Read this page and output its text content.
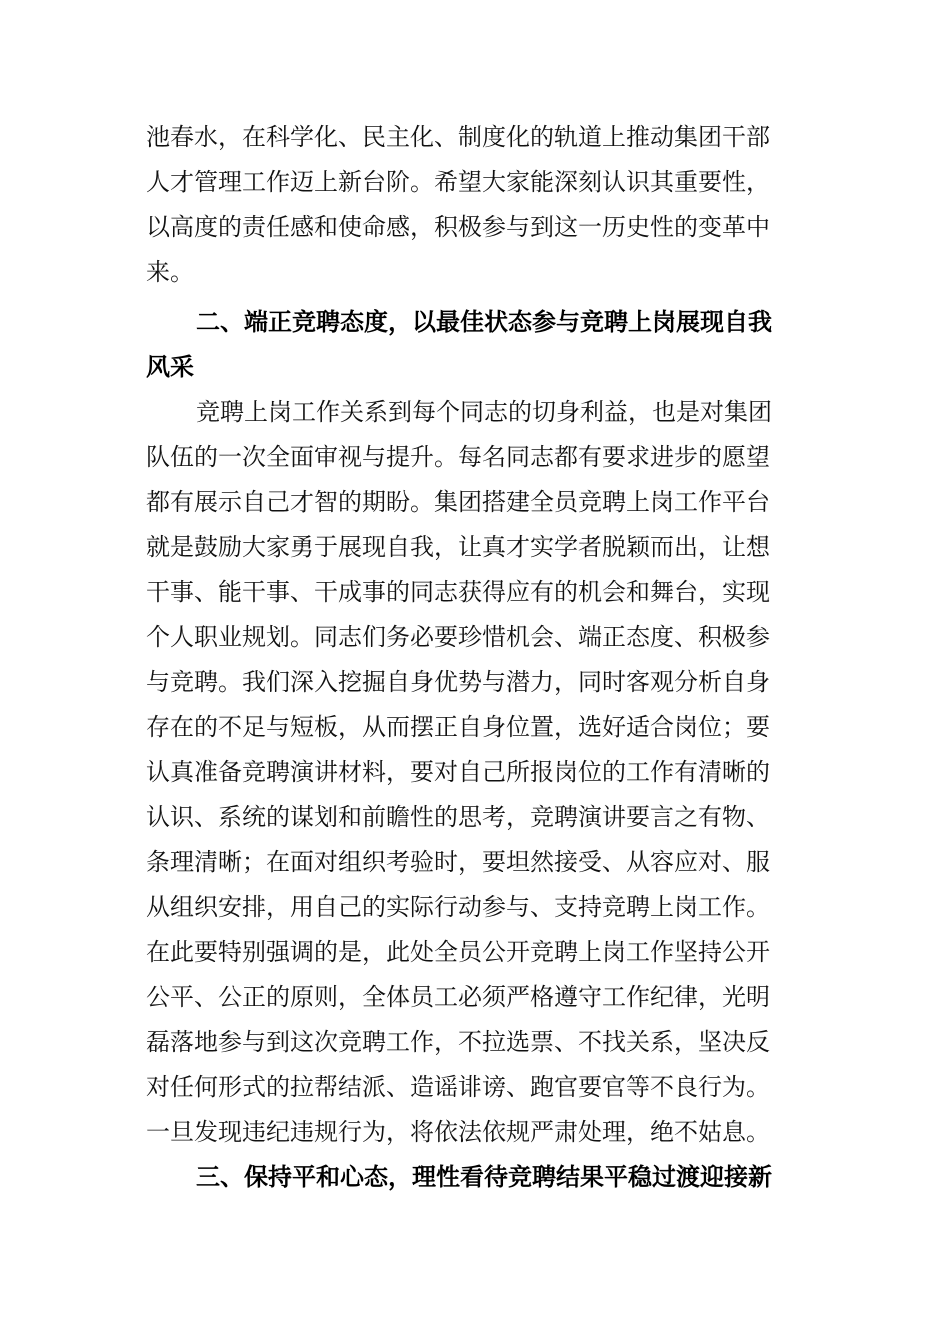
池春水，在科学化、民主化、制度化的轨道上推动集团干部
人才管理工作迈上新台阶。希望大家能深刻认识其重要性，
以高度的责任感和使命感，积极参与到这一历史性的变革中
来。
二、端正竞聘态度，以最佳状态参与竞聘上岗展现自我
风采
竞聘上岗工作关系到每个同志的切身利益，也是对集团
队伍的一次全面审视与提升。每名同志都有要求进步的愿望
都有展示自己才智的期盼。集团搭建全员竞聘上岗工作平台
就是鼓励大家勇于展现自我，让真才实学者脱颖而出，让想
干事、能干事、干成事的同志获得应有的机会和舞台，实现
个人职业规划。同志们务必要珍惜机会、端正态度、积极参
与竞聘。我们深入挖掘自身优势与潜力，同时客观分析自身
存在的不足与短板，从而摆正自身位置，选好适合岗位；要
认真准备竞聘演讲材料，要对自己所报岗位的工作有清晰的
认识、系统的谋划和前瞻性的思考，竞聘演讲要言之有物、
条理清晰；在面对组织考验时，要坦然接受、从容应对、服
从组织安排，用自己的实际行动参与、支持竞聘上岗工作。
在此要特别强调的是，此处全员公开竞聘上岗工作坚持公开
公平、公正的原则，全体员工必须严格遵守工作纪律，光明
磊落地参与到这次竞聘工作，不拉选票、不找关系，坚决反
对任何形式的拉帮结派、造谣诽谤、跑官要官等不良行为。
一旦发现违纪违规行为，将依法依规严肃处理，绝不姑息。
三、保持平和心态，理性看待竞聘结果平稳过渡迎接新
